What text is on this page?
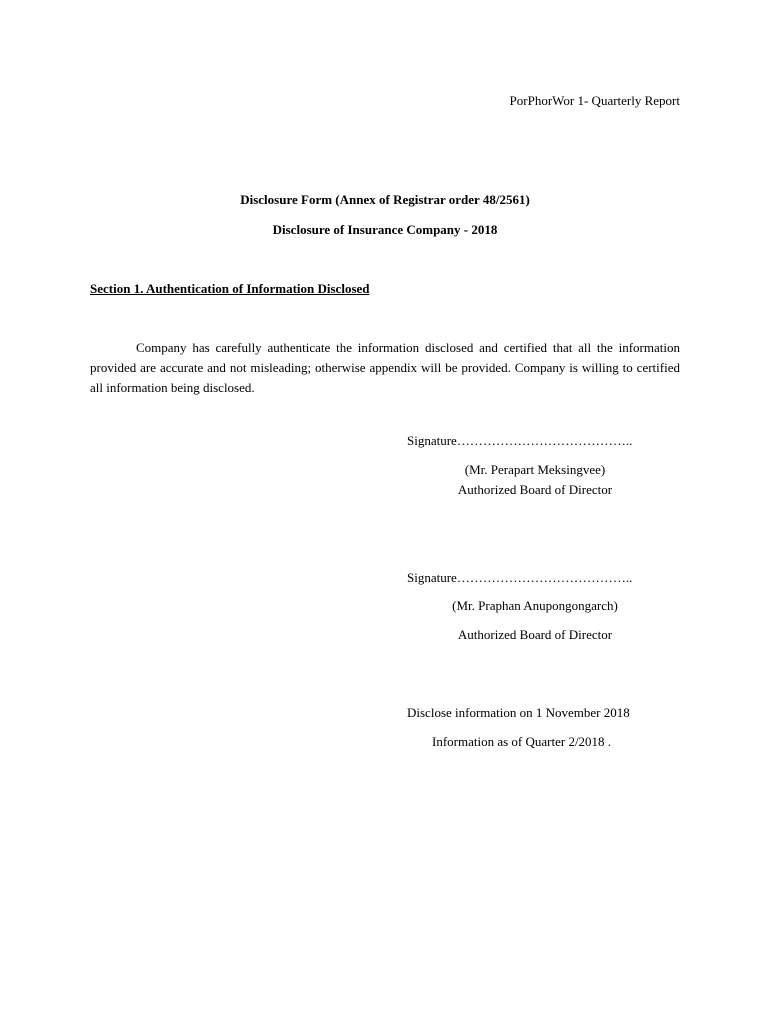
PorPhorWor 1- Quarterly Report
Disclosure Form (Annex of Registrar order 48/2561)
Disclosure of Insurance Company - 2018
Section 1. Authentication of Information Disclosed

Company has carefully authenticate the information disclosed and certified that all the information provided are accurate and not misleading; otherwise appendix will be provided. Company is willing to certified all information being disclosed.

Signature…………………………………..
(Mr. Perapart Meksingvee)
Authorized Board of Director
Signature…………………………………..
(Mr. Praphan Anupongongarch)
Authorized Board of Director
Disclose information on 1 November 2018
Information as of Quarter 2/2018 .
